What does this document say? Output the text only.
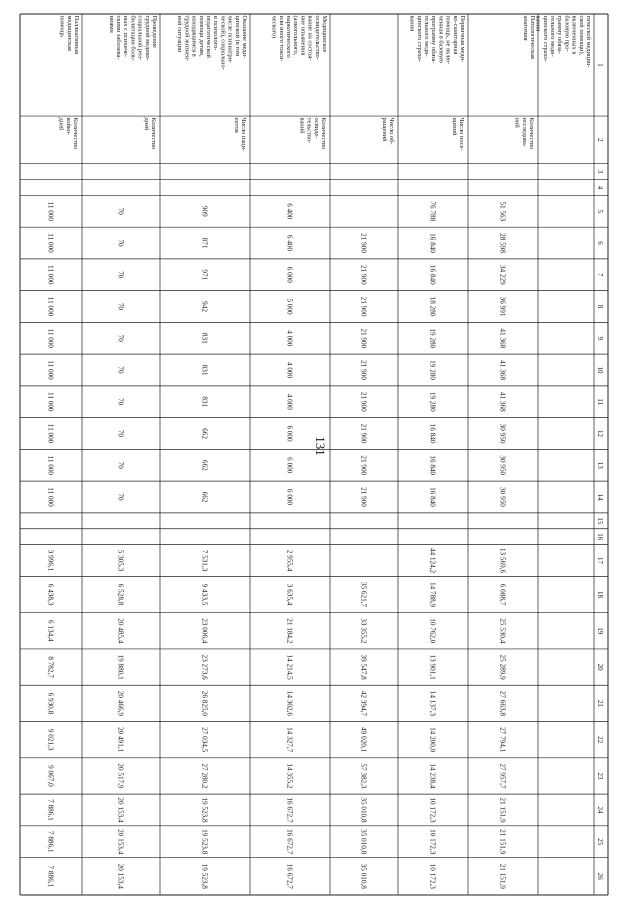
131
1
2
3
4
5
6
7
8
9
10
11
12
13
14
15
16
17
18
19
20
21
22
23
24
25
26
гической медицин-
ской помощи),
включенных в
базовую про-
грамму обяза-
тельного меди-
цинского страхо-
вания
Патологическая
анатомия
Количество
исследова-
ний
51 563
28 598
34 229
36 991
41 368
41 368
41 368
30 950
30 950
30 950
13 569,6
6 088,7
25 530,4
25 289,9
27 663,8
27 794,1
27 957,7
21 151,9
21 151,9
21 151,9
Первичная меди-
ко-санитарная
помощь, не вклю-
ченная в базовую
программу обяза-
тельного меди-
цинского страхо-
вания
Число посе-
щений
76 788
16 840
16 840
18 280
19 280
19 280
19 280
16 840
16 840
16 840
44 124,2
14 788,9
10 762,0
13 901,1
14 137,3
14 200,0
14 238,4
10 172,3
10 172,3
10 172,3
Число об-
ращений
21 900
21 900
21 900
21 900
21 900
21 900
21 900
21 900
21 900
35 621,7
33 355,2
39 547,8
42 394,7
49 020,1
57 382,3
35 010,8
35 010,8
35 010,8
Медицинское
освидетельство-
вание на состоя-
ние опьянения
(алкогольного,
наркотического
или иного токси-
ческого)
Количество
освиде-
тельство-
ваний
6 400
6 400
6 000
5 000
4 000
4 000
4 000
6 000
6 000
6 000
2 955,4
3 635,4
21 184,2
14 214,5
14 302,6
14 327,7
14 355,2
16 672,7
16 672,7
16 672,7
Оказание меди-
цинской (в том
числе психиатри-
ческой), социально-
и психолого-
педагогической
помощи детям,
находящимся в
трудной жизнен-
ной ситуации
Число паци-
ентов
909
871
971
942
831
831
831
662
662
662
7 531,3
9 433,5
23 006,4
23 273,6
26 825,0
27 034,5
27 280,2
19 523,8
19 523,8
19 523,8
Проведение
трудной медико-
социальной реа-
билитации боль-
ных с психиче-
скими заболева-
ниями
Количество
дней
70
70
70
70
70
70
70
70
70
70
5 305,3
6 528,8
20 485,4
19 880,1
20 466,9
20 491,1
20 517,9
20 153,4
20 153,4
20 153,4
Паллиативная
медицинская
помощь
Количество
койко-
дней
11 000
11 000
11 000
11 000
11 000
11 000
11 000
11 000
11 000
11 000
3 996,1
6 438,3
6 134,4
8 782,7
6 930,8
9 021,3
9 067,0
7 886,1
7 886,1
7 886,1
